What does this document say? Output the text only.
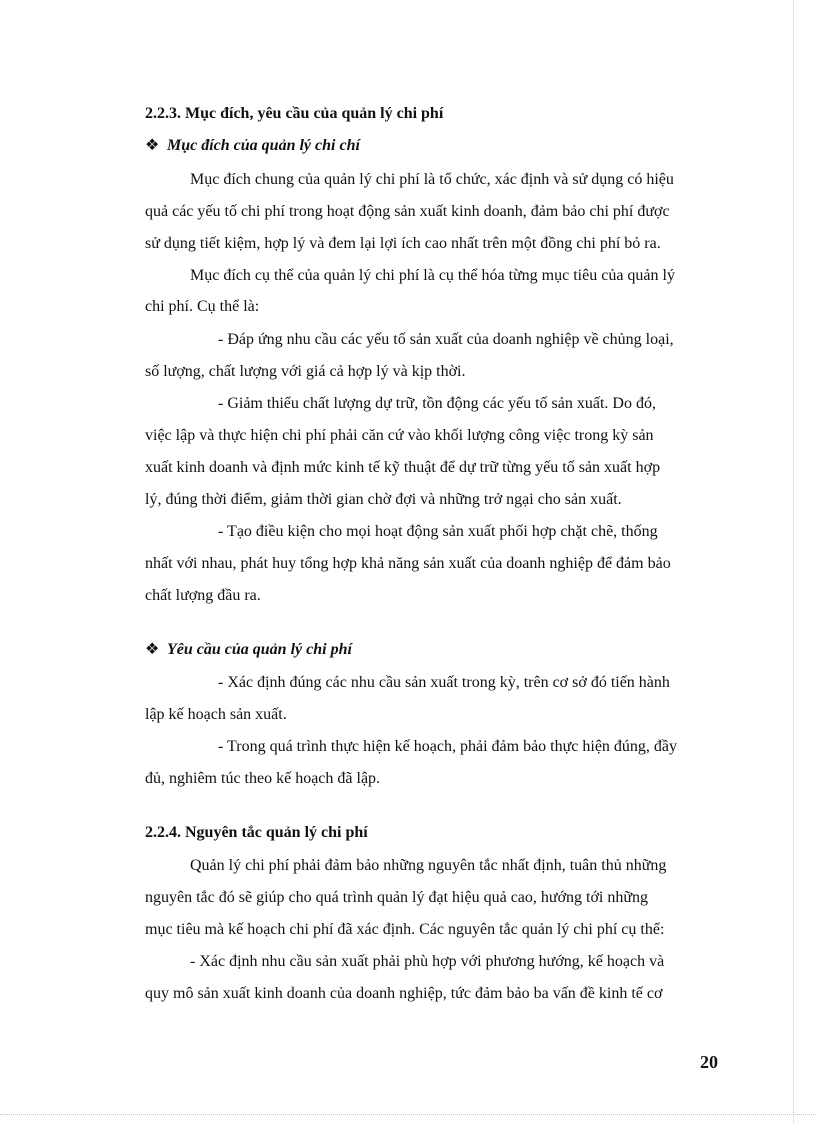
2.2.3. Mục đích, yêu cầu của quản lý chi phí
❖ Mục đích của quản lý chi chí
Mục đích chung của quản lý chi phí là tổ chức, xác định và sử dụng có hiệu
quả các yếu tố chi phí trong hoạt động sản xuất kinh doanh, đảm bảo chi phí được
sử dụng tiết kiệm, hợp lý và đem lại lợi ích cao nhất trên một đồng chi phí bỏ ra.
Mục đích cụ thể của quản lý chi phí là cụ thể hóa từng mục tiêu của quản lý
chi phí. Cụ thể là:
- Đáp ứng nhu cầu các yếu tố sản xuất của doanh nghiệp về chủng loại,
số lượng, chất lượng với giá cả hợp lý và kịp thời.
- Giảm thiểu chất lượng dự trữ, tồn động các yếu tố sản xuất. Do đó,
việc lập và thực hiện chi phí phải căn cứ vào khối lượng công việc trong kỳ sản
xuất kinh doanh và định mức kinh tế kỹ thuật để dự trữ từng yếu tố sản xuất hợp
lý, đúng thời điểm, giảm thời gian chờ đợi và những trở ngại cho sản xuất.
- Tạo điều kiện cho mọi hoạt động sản xuất phối hợp chặt chẽ, thống
nhất với nhau, phát huy tổng hợp khả năng sản xuất của doanh nghiệp để đảm bảo
chất lượng đầu ra.
❖ Yêu cầu của quản lý chi phí
- Xác định đúng các nhu cầu sản xuất trong kỳ, trên cơ sở đó tiến hành
lập kế hoạch sản xuất.
- Trong quá trình thực hiện kế hoạch, phải đảm bảo thực hiện đúng, đầy
đủ, nghiêm túc theo kế hoạch đã lập.
2.2.4. Nguyên tắc quản lý chi phí
Quản lý chi phí phải đảm bảo những nguyên tắc nhất định, tuân thủ những
nguyên tắc đó sẽ giúp cho quá trình quản lý đạt hiệu quả cao, hướng tới những
mục tiêu mà kế hoạch chi phí đã xác định. Các nguyên tắc quản lý chi phí cụ thể:
- Xác định nhu cầu sản xuất phải phù hợp với phương hướng, kế hoạch và
quy mô sản xuất kinh doanh của doanh nghiệp, tức đảm bảo ba vấn đề kinh tế cơ
20
